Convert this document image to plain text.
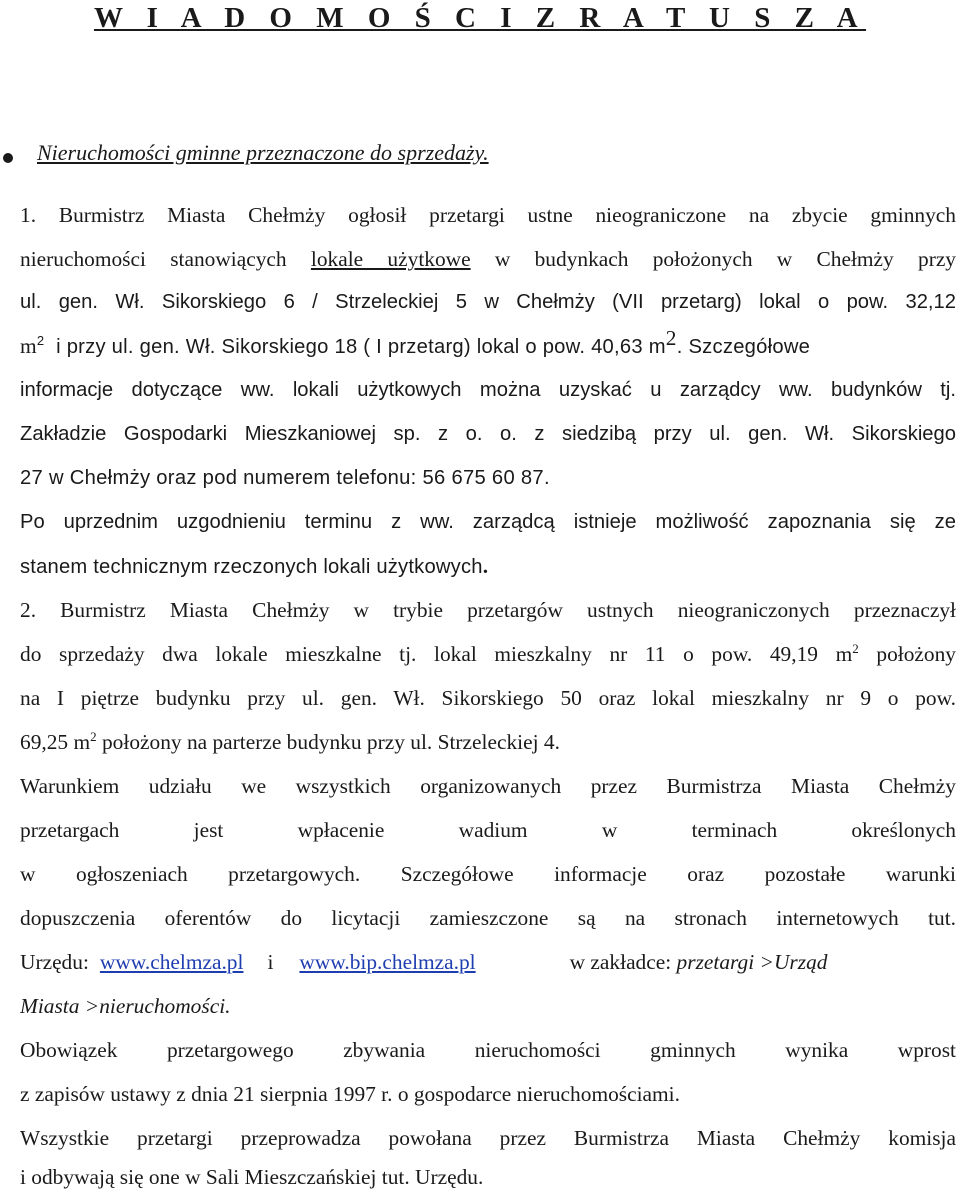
W I A D O M O Ś C I Z R A T U S Z A
Nieruchomości gminne przeznaczone do sprzedaży.
1. Burmistrz Miasta Chełmży ogłosił przetargi ustne nieograniczone na zbycie gminnych
nieruchomości stanowiących lokale użytkowe w budynkach położonych w Chełmży przy
ul. gen. Wł. Sikorskiego 6 / Strzeleckiej 5 w Chełmży (VII przetarg) lokal o pow. 32,12
$m^2$ i przy ul. gen. Wł. Sikorskiego 18 ( I przetarg) lokal o pow. 40,63 $m^2$. Szczegółowe
informacje dotyczące ww. lokali użytkowych można uzyskać u zarządcy ww. budynków tj.
Zakładzie Gospodarki Mieszkaniowej sp. z o. o. z siedzibą przy ul. gen. Wł. Sikorskiego
27 w Chełmży oraz pod numerem telefonu: 56 675 60 87.
Po uprzednim uzgodnieniu terminu z ww. zarządcą istnieje możliwość zapoznania się ze
stanem technicznym rzeczonych lokali użytkowych.
2. Burmistrz Miasta Chełmży w trybie przetargów ustnych nieograniczonych przeznaczył
do sprzedaży dwa lokale mieszkalne tj. lokal mieszkalny nr 11 o pow. 49,19 $m^2$ położony
na I piętrze budynku przy ul. gen. Wł. Sikorskiego 50 oraz lokal mieszkalny nr 9 o pow.
69,25 $m^2$ położony na parterze budynku przy ul. Strzeleckiej 4.
Warunkiem udziału we wszystkich organizowanych przez Burmistrza Miasta Chełmży
przetargach jest wpłacenie wadium w terminach określonych
w ogłoszeniach przetargowych. Szczegółowe informacje oraz pozostałe warunki
dopuszczenia oferentów do licytacji zamieszczone są na stronach internetowych tut.
Urzędu: www.chelmza.pl i www.bip.chelmza.pl	w zakładce: przetargi >Urząd
Miasta >nieruchomości.
Obowiązek przetargowego zbywania nieruchomości gminnych wynika wprost
z zapisów ustawy z dnia 21 sierpnia 1997 r. o gospodarce nieruchomościami.
Wszystkie przetargi przeprowadza powołana przez Burmistrza Miasta Chełmży komisja
i odbywają się one w Sali Mieszczańskiej tut. Urzędu.
